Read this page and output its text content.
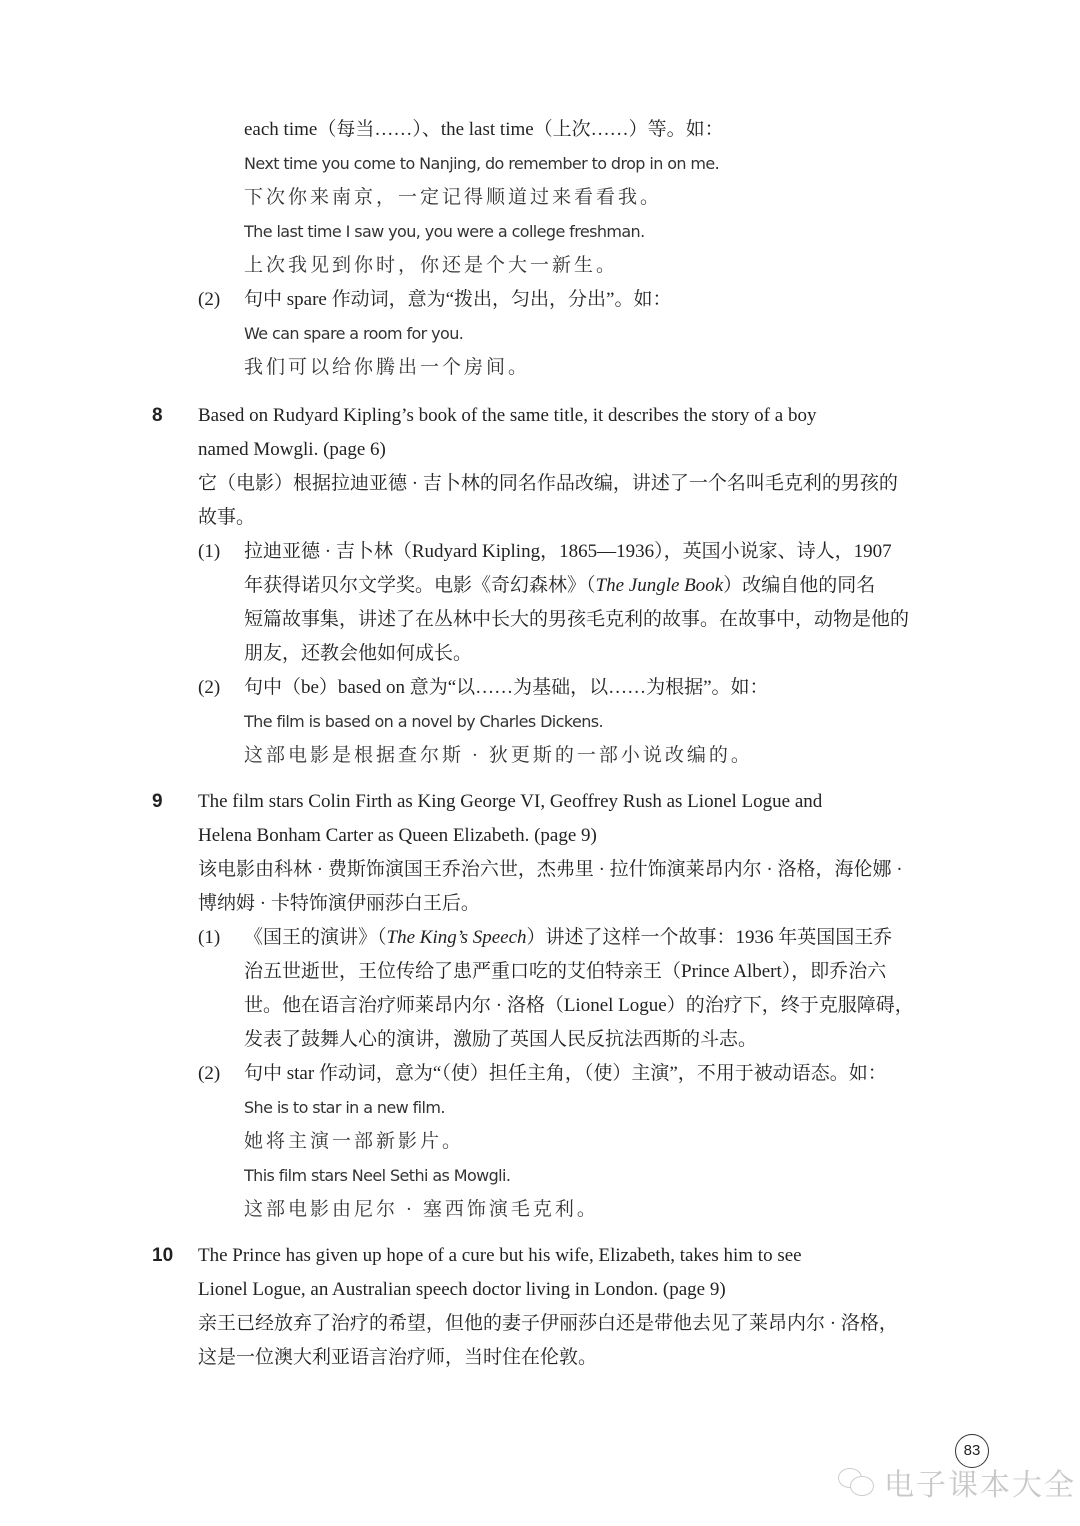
83
电子课本大全
each time（每当……）、the last time（上次……）等。如：
Next time you come to Nanjing, do remember to drop in on me.
下次你来南京，一定记得顺道过来看看我。
The last time I saw you, you were a college freshman.
上次我见到你时，你还是个大一新生。
(2) 句中 spare 作动词，意为“拨出，匀出，分出”。如：
We can spare a room for you.
我们可以给你腾出一个房间。
8 Based on Rudyard Kipling’s book of the same title, it describes the story of a boy
named Mowgli. (page 6)
它（电影）根据拉迪亚德 · 吉卜林的同名作品改编，讲述了一个名叫毛克利的男孩的
故事。
(1) 拉迪亚德 · 吉卜林（Rudyard Kipling，1865—1936），英国小说家、诗人，1907
年获得诺贝尔文学奖。电影《奇幻森林》（The Jungle Book）改编自他的同名
短篇故事集，讲述了在丛林中长大的男孩毛克利的故事。在故事中，动物是他的
朋友，还教会他如何成长。
(2) 句中（be）based on 意为“以……为基础，以……为根据”。如：
The film is based on a novel by Charles Dickens.
这部电影是根据查尔斯 · 狄更斯的一部小说改编的。
9 The film stars Colin Firth as King George VI, Geoffrey Rush as Lionel Logue and
Helena Bonham Carter as Queen Elizabeth. (page 9)
该电影由科林 · 费斯饰演国王乔治六世，杰弗里 · 拉什饰演莱昂内尔 · 洛格，海伦娜 ·
博纳姆 · 卡特饰演伊丽莎白王后。
(1) 《国王的演讲》（The King’s Speech）讲述了这样一个故事：1936 年英国国王乔
治五世逝世，王位传给了患严重口吃的艾伯特亲王（Prince Albert），即乔治六
世。他在语言治疗师莱昂内尔 · 洛格（Lionel Logue）的治疗下，终于克服障碍，
发表了鼓舞人心的演讲，激励了英国人民反抗法西斯的斗志。
(2) 句中 star 作动词，意为“（使）担任主角，（使）主演”，不用于被动语态。如：
She is to star in a new film.
她将主演一部新影片。
This film stars Neel Sethi as Mowgli.
这部电影由尼尔 · 塞西饰演毛克利。
10 The Prince has given up hope of a cure but his wife, Elizabeth, takes him to see
Lionel Logue, an Australian speech doctor living in London. (page 9)
亲王已经放弃了治疗的希望，但他的妻子伊丽莎白还是带他去见了莱昂内尔 · 洛格，
这是一位澳大利亚语言治疗师，当时住在伦敦。
